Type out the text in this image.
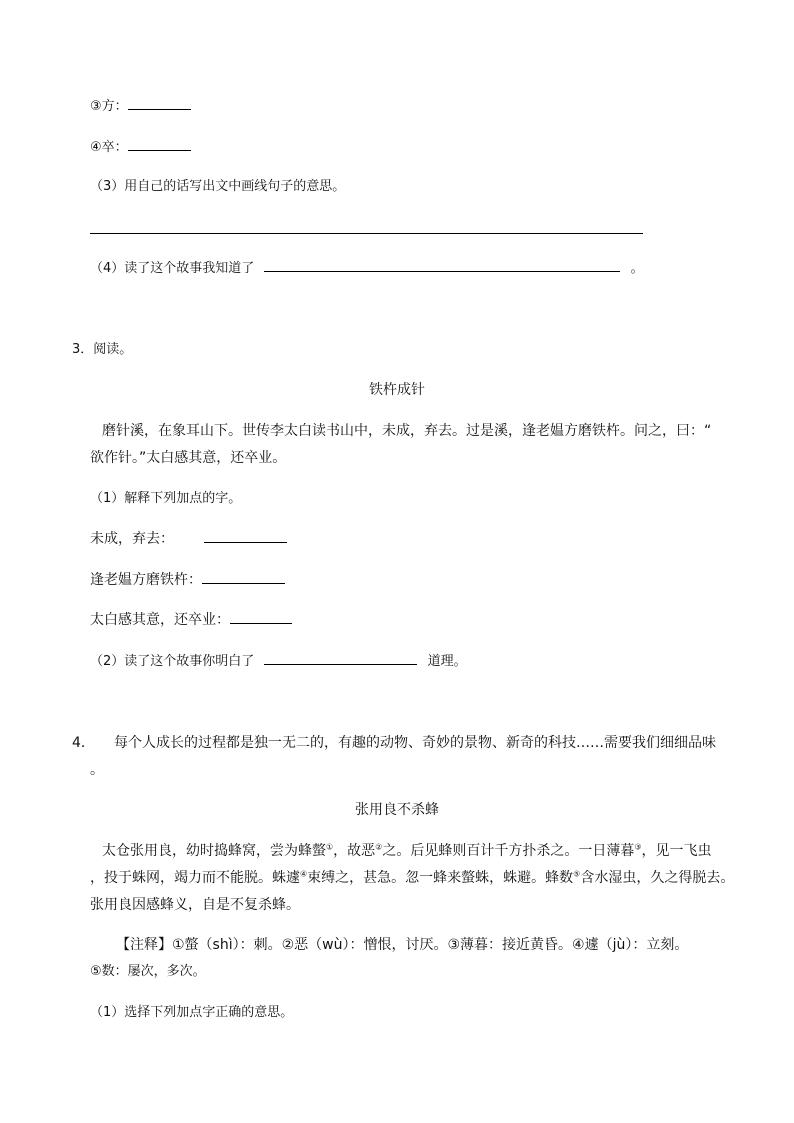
③方：
④卒：
（3）用自己的话写出文中画线句子的意思。
（4）读了这个故事我知道了	。
3．阅读。
铁杵成针
磨针溪，在象耳山下。世传李太白读书山中，未成，弃去。过是溪，逢老媪方磨铁杵。问之，曰：“
欲作针。”太白感其意，还卒业。
（1）解释下列加点的字。
未成，弃去：
逢老媪方磨铁杵：
太白感其意，还卒业：
（2）读了这个故事你明白了	道理。
4． 每个人成长的过程都是独一无二的，有趣的动物、奇妙的景物、新奇的科技……需要我们细细品味
。
张用良不杀蜂
太仓张用良，幼时捣蜂窝，尝为蜂螫①，故恶②之。后见蜂则百计千方扑杀之。一日薄暮③，见一飞虫
，投于蛛网，竭力而不能脱。蛛遽④束缚之，甚急。忽一蜂来螫蛛，蛛避。蜂数⑤含水湿虫，久之得脱去。
张用良因感蜂义，自是不复杀蜂。
【注释】①螫（shì）：刺。②恶（wù）：憎恨，讨厌。③薄暮：接近黄昏。④遽（jù）：立刻。
⑤数：屡次，多次。
（1）选择下列加点字正确的意思。
